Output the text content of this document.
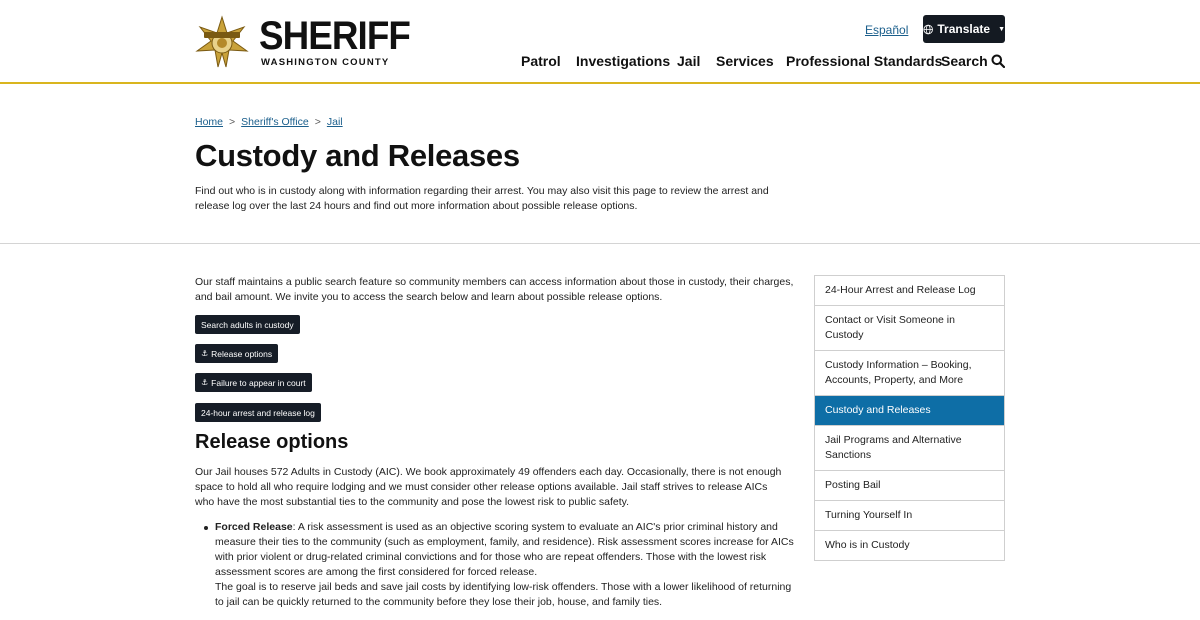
SHERIFF
WASHINGTON COUNTY
Español Translate ▼
Patrol Investigations Jail Services Professional Standards
Search
Home > Sheriff's Office > Jail
Custody and Releases

Find out who is in custody along with information regarding their arrest. You may also visit this page to review the arrest and release log over the last 24 hours and find out more information about possible release options.

Our staff maintains a public search feature so community members can access information about those in custody, their charges, and bail amount. We invite you to access the search below and learn about possible release options.

Search adults in custody
⚓ Release options
⚓ Failure to appear in court
24-hour arrest and release log
Release options

Our Jail houses 572 Adults in Custody (AIC). We book approximately 49 offenders each day. Occasionally, there is not enough space to hold all who require lodging and we must consider other release options available. Jail staff strives to release AICs who have the most substantial ties to the community and pose the lowest risk to public safety.

Forced Release: A risk assessment is used as an objective scoring system to evaluate an AIC's prior criminal history and measure their ties to the community (such as employment, family, and residence). Risk assessment scores increase for AICs with prior violent or drug-related criminal convictions and for those who are repeat offenders. Those with the lowest risk assessment scores are among the first considered for forced release.
The goal is to reserve jail beds and save jail costs by identifying low-risk offenders. Those with a lower likelihood of returning to jail can be quickly returned to the community before they lose their job, house, and family ties.
24-Hour Arrest and Release Log
Contact or Visit Someone in Custody
Custody Information – Booking, Accounts, Property, and More
Custody and Releases
Jail Programs and Alternative Sanctions
Posting Bail
Turning Yourself In
Who is in Custody
